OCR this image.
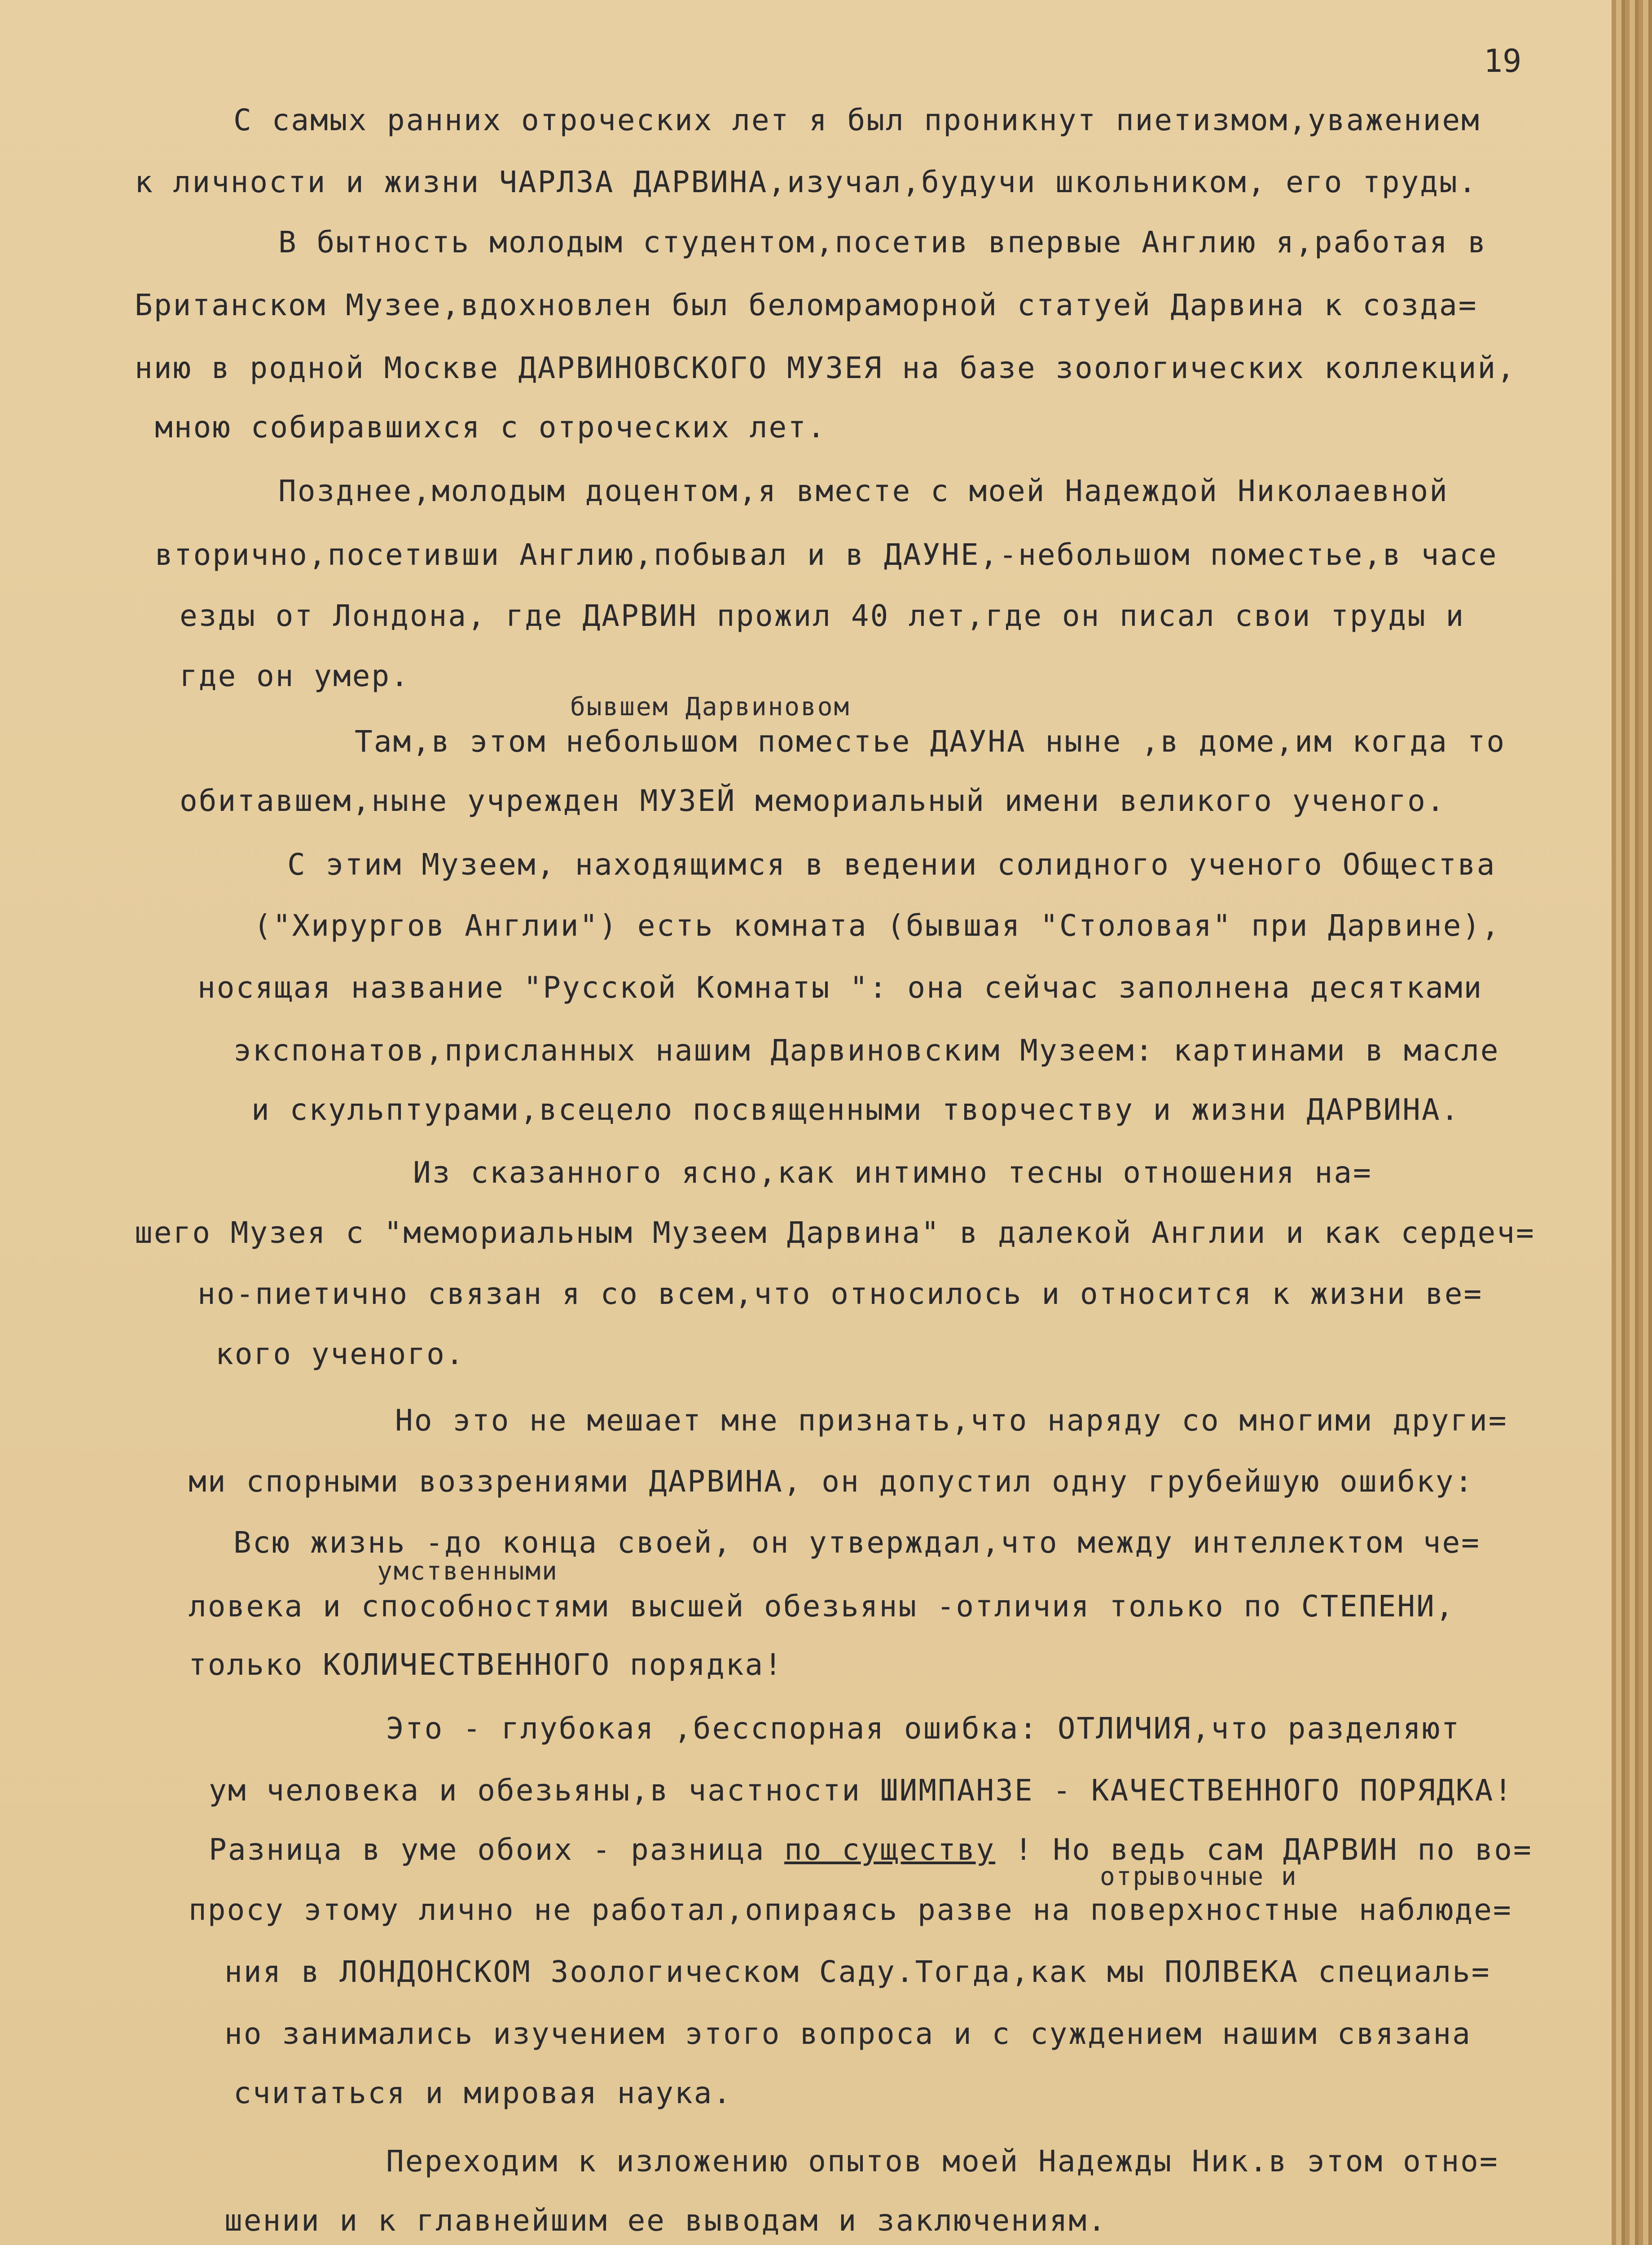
19
С самых ранних отроческих лет я был проникнут пиетизмом,уважением
к личности и жизни ЧАРЛЗА ДАРВИНА,изучал,будучи школьником, его труды.
В бытность молодым студентом,посетив впервые Англию я,работая в
Британском Музее,вдохновлен был беломраморной статуей Дарвина к созда=
нию в родной Москве ДАРВИНОВСКОГО МУЗЕЯ на базе зоологических коллекций,
мною собиравшихся с отроческих лет.
Позднее,молодым доцентом,я вместе с моей Надеждой Николаевной
вторично,посетивши Англию,побывал и в ДАУНЕ,-небольшом поместье,в часе
езды от Лондона, где ДАРВИН прожил 40 лет,где он писал свои труды и
где он умер.
бывшем Дарвиновом
Там,в этом небольшом поместье ДАУНА ныне ,в доме,им когда то
обитавшем,ныне учрежден МУЗЕЙ мемориальный имени великого ученого.
С этим Музеем, находящимся в ведении солидного ученого Общества
("Хирургов Англии") есть комната (бывшая "Столовая" при Дарвине),
носящая название "Русской Комнаты ": она сейчас заполнена десятками
экспонатов,присланных нашим Дарвиновским Музеем: картинами в масле
и скульптурами,всецело посвященными творчеству и жизни ДАРВИНА.
Из сказанного ясно,как интимно тесны отношения на=
шего Музея с "мемориальным Музеем Дарвина" в далекой Англии и как сердеч=
но-пиетично связан я со всем,что относилось и относится к жизни ве=
кого ученого.
Но это не мешает мне признать,что наряду со многими други=
ми спорными воззрениями ДАРВИНА, он допустил одну грубейшую ошибку:
Всю жизнь -до конца своей, он утверждал,что между интеллектом че=
умственными
ловека и способностями высшей обезьяны -отличия только по СТЕПЕНИ,
только КОЛИЧЕСТВЕННОГО порядка!
Это - глубокая ,бесспорная ошибка: ОТЛИЧИЯ,что разделяют
ум человека и обезьяны,в частности ШИМПАНЗЕ - КАЧЕСТВЕННОГО ПОРЯДКА!
Разница в уме обоих - разница по существу ! Но ведь сам ДАРВИН по во=
отрывочные и
просу этому лично не работал,опираясь разве на поверхностные наблюде=
ния в ЛОНДОНСКОМ Зоологическом Саду.Тогда,как мы ПОЛВЕКА специаль=
но занимались изучением этого вопроса и с суждением нашим связана
считаться и мировая наука.
Переходим к изложению опытов моей Надежды Ник.в этом отно=
шении и к главнейшим ее выводам и заключениям.
